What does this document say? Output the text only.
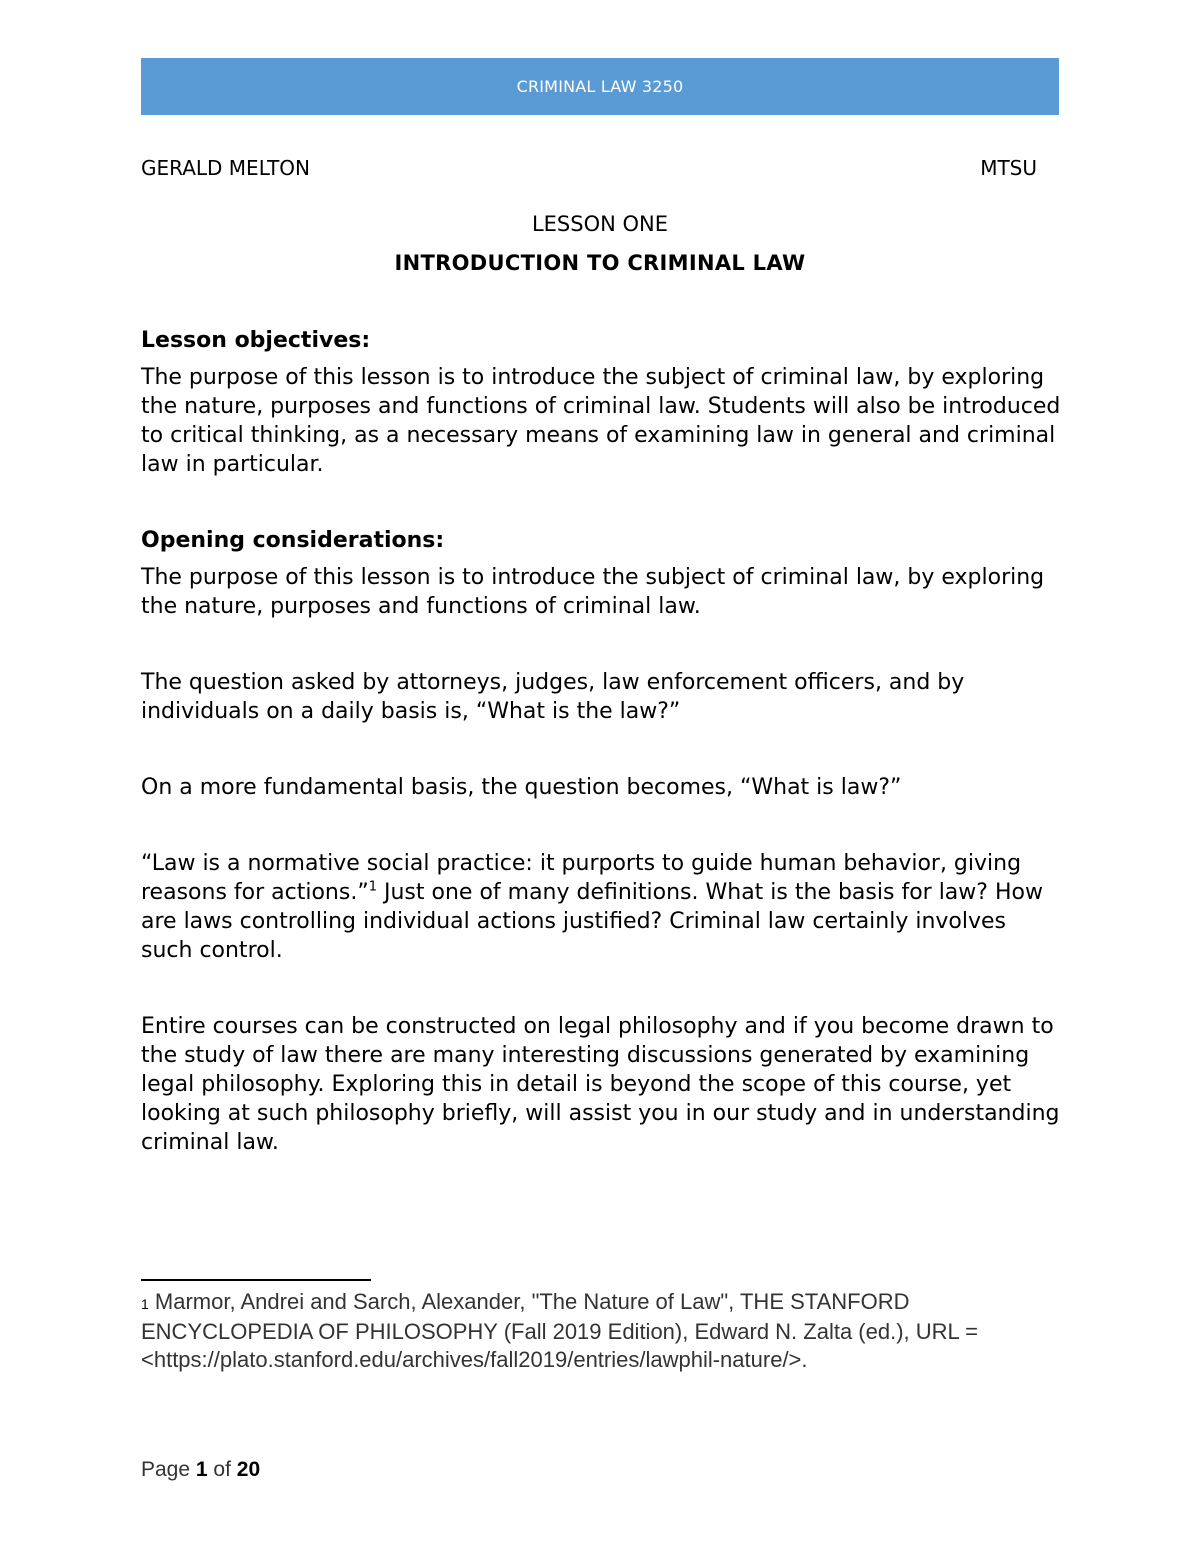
CRIMINAL LAW 3250
GERALD MELTON	MTSU
LESSON ONE
INTRODUCTION TO CRIMINAL LAW
Lesson objectives:

The purpose of this lesson is to introduce the subject of criminal law, by exploring the nature, purposes and functions of criminal law. Students will also be introduced to critical thinking, as a necessary means of examining law in general and criminal law in particular.

Opening considerations:

The purpose of this lesson is to introduce the subject of criminal law, by exploring the nature, purposes and functions of criminal law.

The question asked by attorneys, judges, law enforcement officers, and by individuals on a daily basis is, “What is the law?”

On a more fundamental basis, the question becomes, “What is law?”

“Law is a normative social practice: it purports to guide human behavior, giving reasons for actions.”$^1$ Just one of many definitions. What is the basis for law? How are laws controlling individual actions justified? Criminal law certainly involves such control.

Entire courses can be constructed on legal philosophy and if you become drawn to the study of law there are many interesting discussions generated by examining legal philosophy. Exploring this in detail is beyond the scope of this course, yet looking at such philosophy briefly, will assist you in our study and in understanding criminal law.

1 Marmor, Andrei and Sarch, Alexander, "The Nature of Law", THE STANFORD ENCYCLOPEDIA OF PHILOSOPHY (Fall 2019 Edition), Edward N. Zalta (ed.), URL = <https://plato.stanford.edu/archives/fall2019/entries/lawphil-nature/>.
Page 1 of 20
